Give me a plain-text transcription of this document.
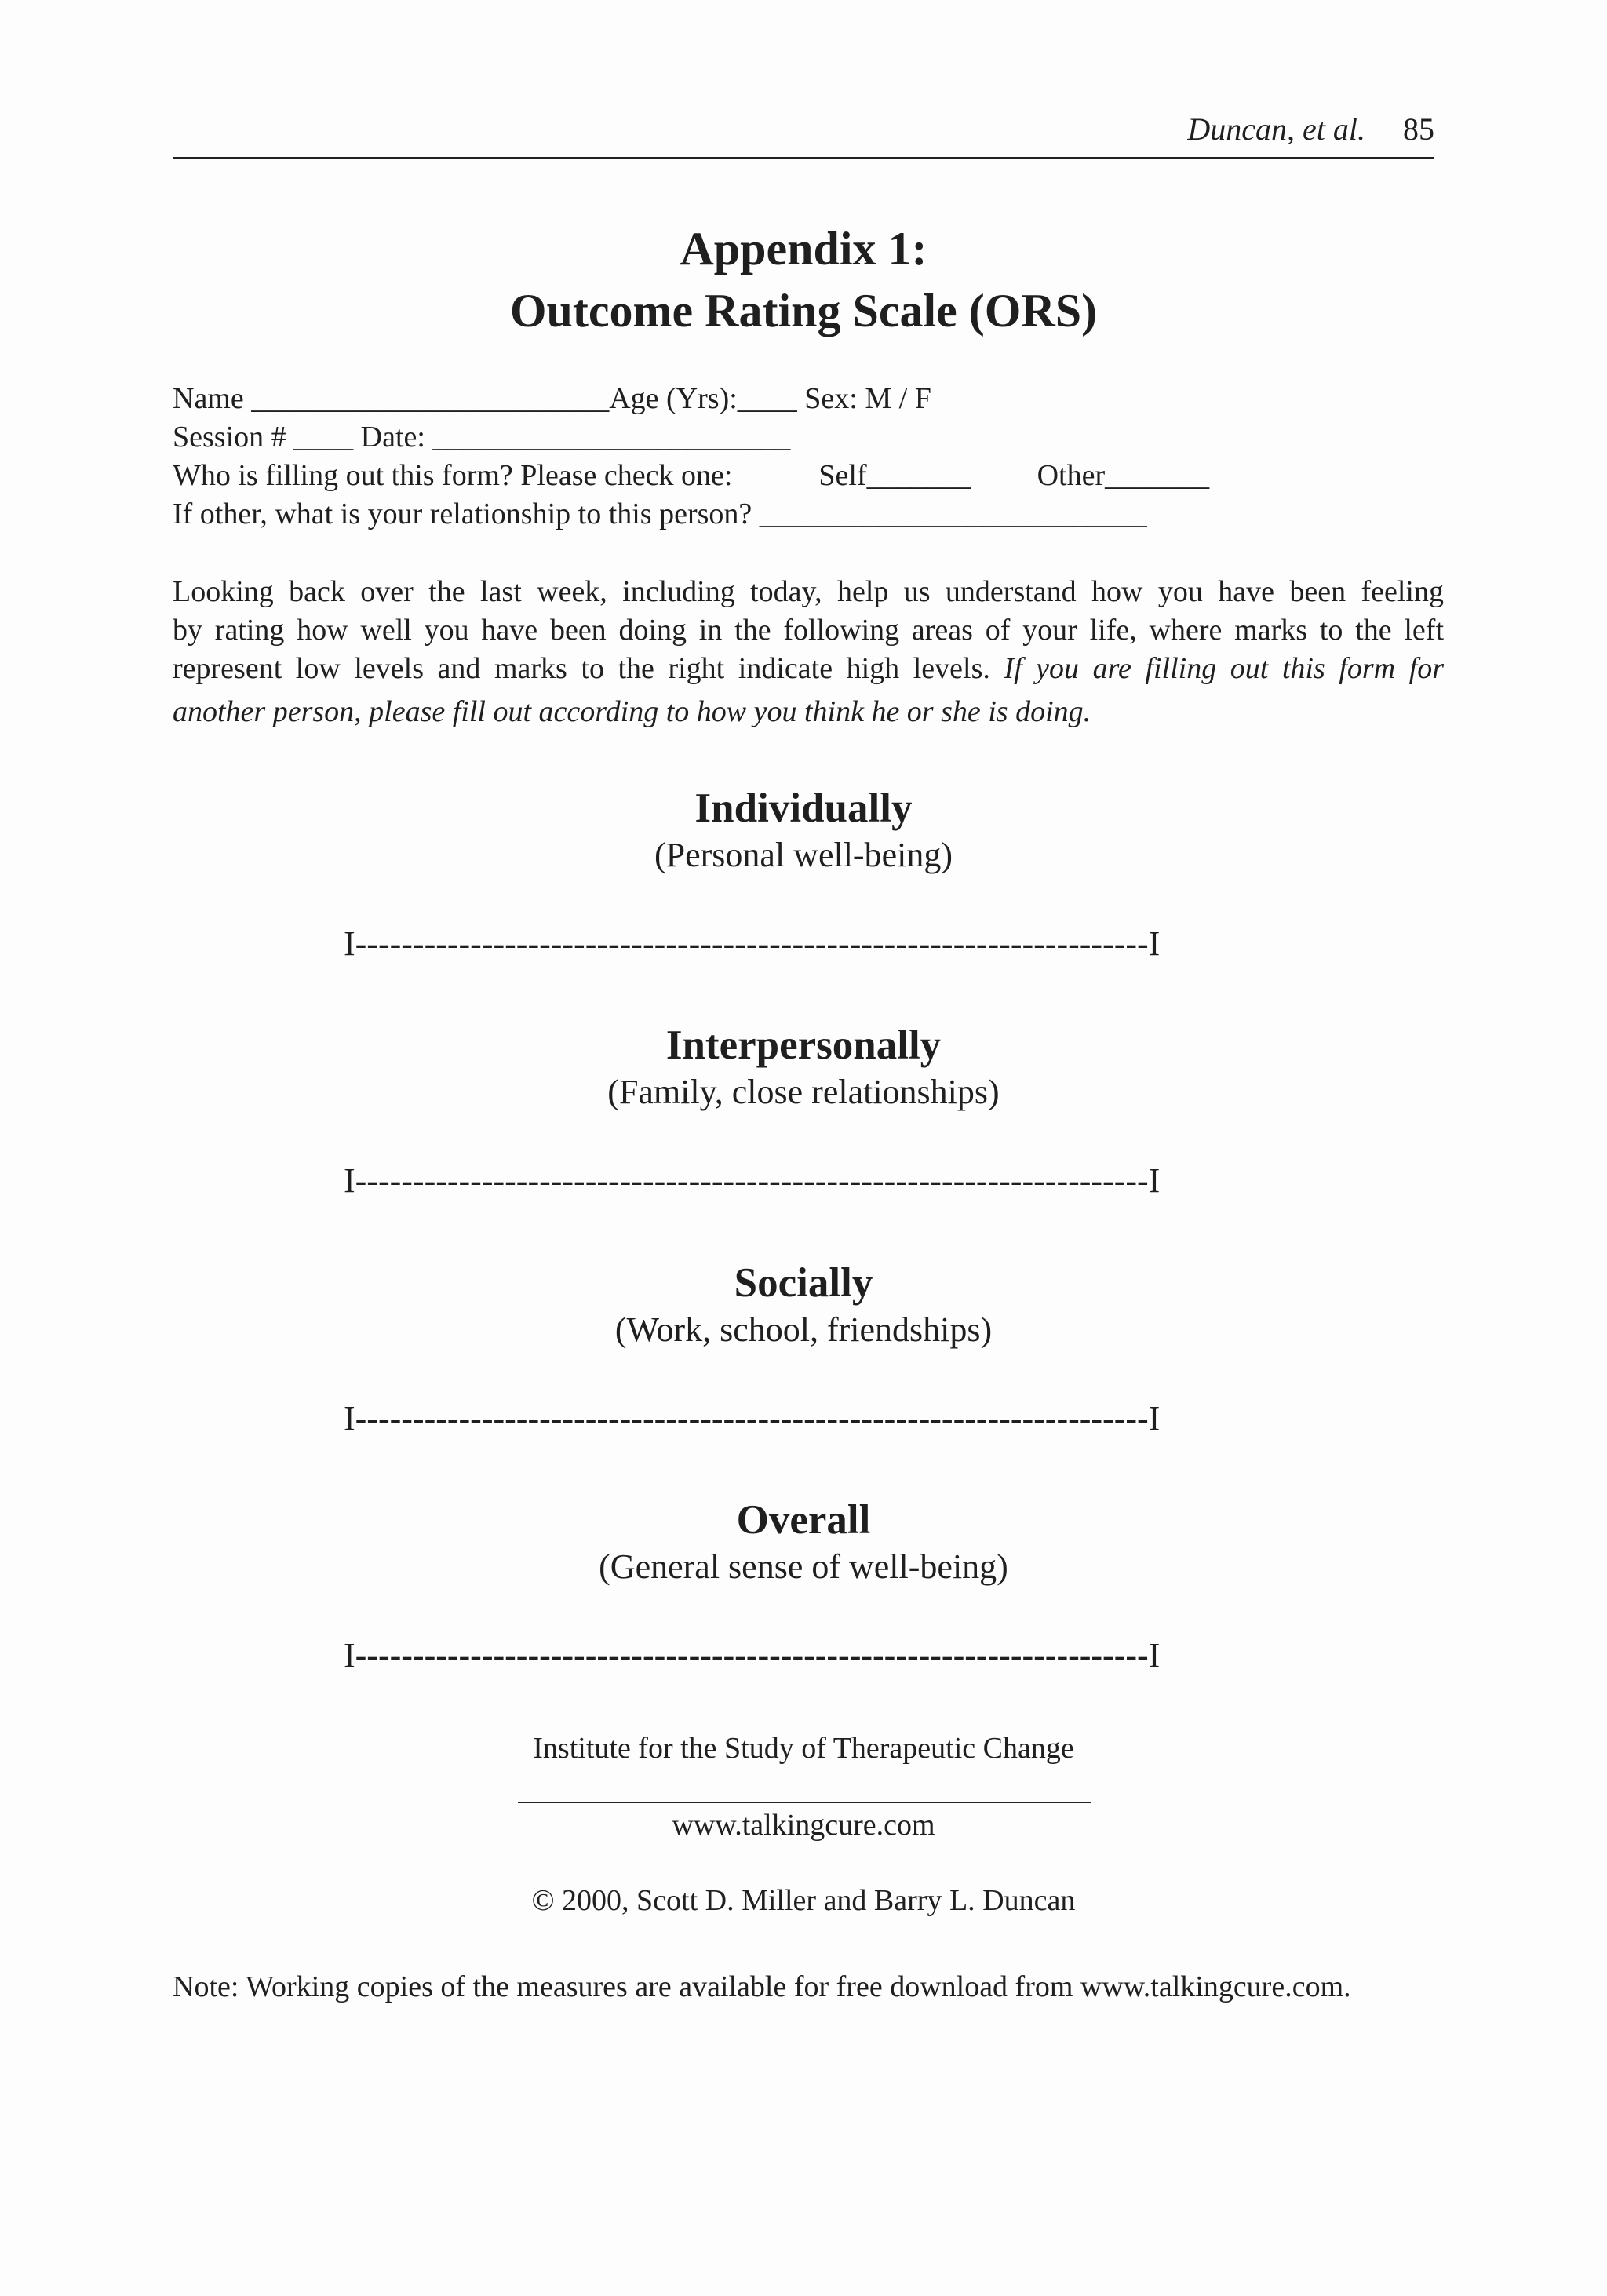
Duncan, et al. 85
Appendix 1:
Outcome Rating Scale (ORS)
Name ________________________Age (Yrs):____ Sex: M / F
Session # ____ Date: ________________________
Who is filling out this form? Please check one:	Self_______ Other_______
If other, what is your relationship to this person? __________________________
Looking back over the last week, including today, help us understand how you have been feeling
by rating how well you have been doing in the following areas of your life, where marks to the left
represent low levels and marks to the right indicate high levels. If you are filling out this form for
another person, please fill out according to how you think he or she is doing.
Individually
(Personal well-being)
I---------------------------------------------------------------------I
Interpersonally
(Family, close relationships)
I---------------------------------------------------------------------I
Socially
(Work, school, friendships)
I---------------------------------------------------------------------I
Overall
(General sense of well-being)
I---------------------------------------------------------------------I
Institute for the Study of Therapeutic Change
www.talkingcure.com
© 2000, Scott D. Miller and Barry L. Duncan
Note: Working copies of the measures are available for free download from www.talkingcure.com.
